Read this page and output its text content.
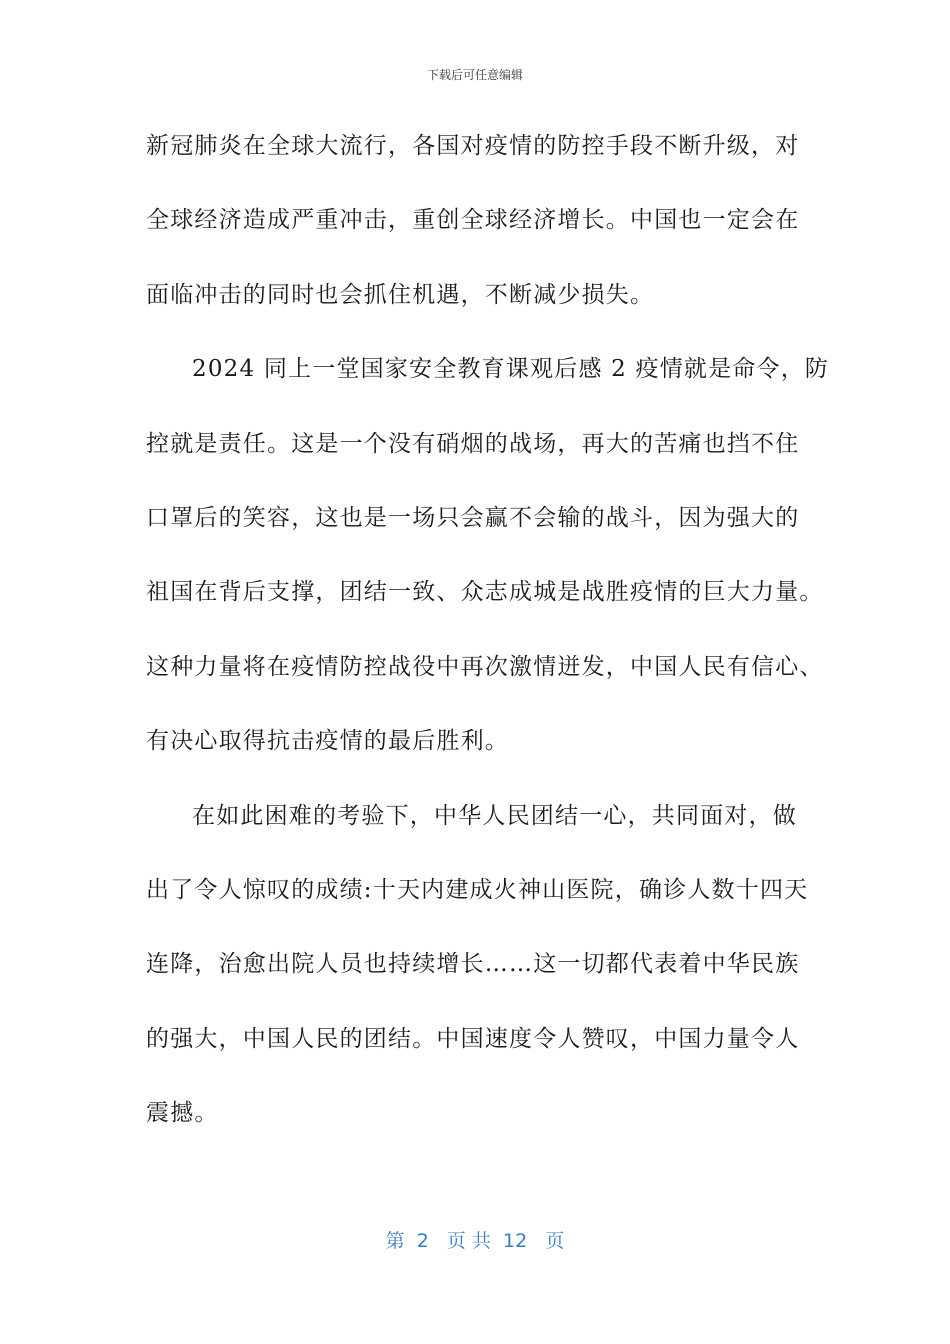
下载后可任意编辑
新冠肺炎在全球大流行，各国对疫情的防控手段不断升级，对
全球经济造成严重冲击，重创全球经济增长。中国也一定会在
面临冲击的同时也会抓住机遇，不断减少损失。
2024 同上一堂国家安全教育课观后感 2 疫情就是命令，防
控就是责任。这是一个没有硝烟的战场，再大的苦痛也挡不住
口罩后的笑容，这也是一场只会赢不会输的战斗，因为强大的
祖国在背后支撑，团结一致、众志成城是战胜疫情的巨大力量。
这种力量将在疫情防控战役中再次激情迸发，中国人民有信心、
有决心取得抗击疫情的最后胜利。
在如此困难的考验下，中华人民团结一心，共同面对，做
出了令人惊叹的成绩:十天内建成火神山医院，确诊人数十四天
连降，治愈出院人员也持续增长……这一切都代表着中华民族
的强大，中国人民的团结。中国速度令人赞叹，中国力量令人
震撼。
第  2   页 共  12   页
